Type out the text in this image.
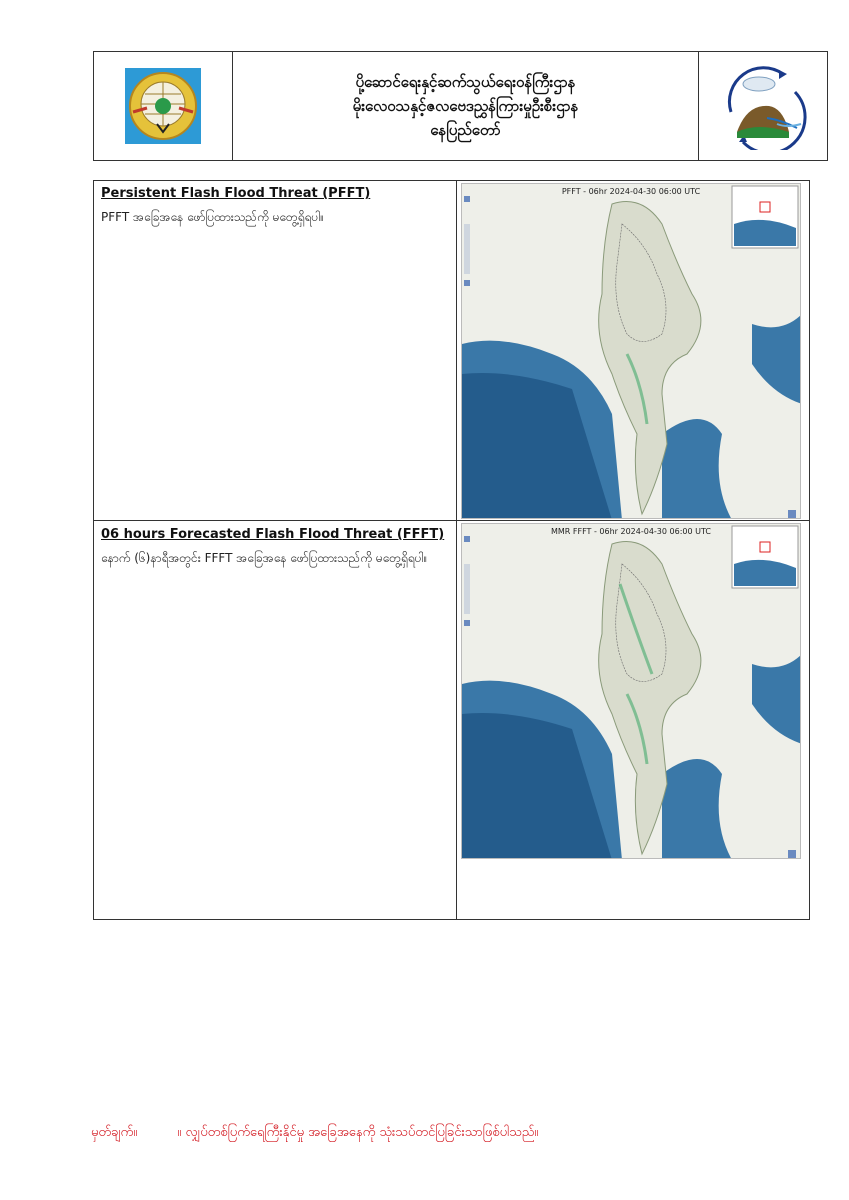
ပို့ဆောင်ရေးနှင့်ဆက်သွယ်ရေးဝန်ကြီးဌာန
မိုးလေဝသနှင့်ဇလဗေဒညွှန်ကြားမှုဦးစီးဌာန
နေပြည်တော်
Persistent Flash Flood Threat (PFFT)
PFFT အခြေအနေ ဖော်ပြထားသည်ကို မတွေ့ရှိရပါ။
PFFT - 06hr 2024-04-30 06:00 UTC
06 hours Forecasted Flash Flood Threat (FFFT)
နောက် (၆)နာရီအတွင်း FFFT အခြေအနေ ဖော်ပြထားသည်ကို မတွေ့ရှိရပါ။
MMR FFFT - 06hr 2024-04-30 06:00 UTC
မှတ်ချက်။	။ လျှပ်တစ်ပြက်ရေကြီးနိုင်မှု အခြေအနေကို သုံးသပ်တင်ပြခြင်းသာဖြစ်ပါသည်။
